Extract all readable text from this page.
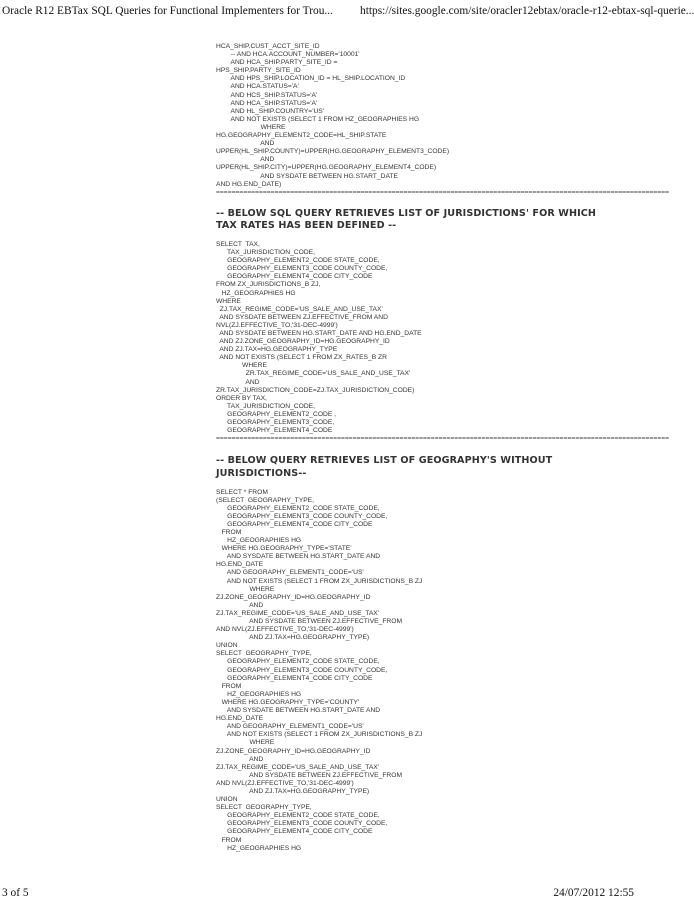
Oracle R12 EBTax SQL Queries for Functional Implementers for Trou... https://sites.google.com/site/oracler12ebtax/oracle-r12-ebtax-sql-querie...
HCA_SHIP.CUST_ACCT_SITE_ID
-- AND HCA.ACCOUNT_NUMBER='10001'
AND HCA_SHIP.PARTY_SITE_ID =
HPS_SHIP.PARTY_SITE_ID
AND HPS_SHIP.LOCATION_ID = HL_SHIP.LOCATION_ID
AND HCA.STATUS='A'
AND HCS_SHIP.STATUS='A'
AND HCA_SHIP.STATUS='A'
AND HL_SHIP.COUNTRY='US'
AND NOT EXISTS (SELECT 1 FROM HZ_GEOGRAPHIES HG
WHERE
HG.GEOGRAPHY_ELEMENT2_CODE=HL_SHIP.STATE
AND
UPPER(HL_SHIP.COUNTY)=UPPER(HG.GEOGRAPHY_ELEMENT3_CODE)
AND
UPPER(HL_SHIP.CITY)=UPPER(HG.GEOGRAPHY_ELEMENT4_CODE)
AND SYSDATE BETWEEN HG.START_DATE
AND HG.END_DATE)
====================================================================================================================
-- BELOW SQL QUERY RETRIEVES LIST OF JURISDICTIONS' FOR WHICH TAX RATES HAS BEEN DEFINED --
SELECT  TAX,
TAX_JURISDICTION_CODE,
GEOGRAPHY_ELEMENT2_CODE STATE_CODE,
GEOGRAPHY_ELEMENT3_CODE COUNTY_CODE,
GEOGRAPHY_ELEMENT4_CODE CITY_CODE
FROM ZX_JURISDICTIONS_B ZJ,
HZ_GEOGRAPHIES HG
WHERE
ZJ.TAX_REGIME_CODE='US_SALE_AND_USE_TAX'
AND SYSDATE BETWEEN ZJ.EFFECTIVE_FROM AND
NVL(ZJ.EFFECTIVE_TO,'31-DEC-4999')
AND SYSDATE BETWEEN HG.START_DATE AND HG.END_DATE
AND ZJ.ZONE_GEOGRAPHY_ID=HG.GEOGRAPHY_ID
AND ZJ.TAX=HG.GEOGRAPHY_TYPE
AND NOT EXISTS (SELECT 1 FROM ZX_RATES_B ZR
WHERE
ZR.TAX_REGIME_CODE='US_SALE_AND_USE_TAX'
AND
ZR.TAX_JURISDICTION_CODE=ZJ.TAX_JURISDICTION_CODE)
ORDER BY TAX,
TAX_JURISDICTION_CODE,
GEOGRAPHY_ELEMENT2_CODE ,
GEOGRAPHY_ELEMENT3_CODE,
GEOGRAPHY_ELEMENT4_CODE
====================================================================================================================
-- BELOW QUERY RETRIEVES LIST OF GEOGRAPHY'S WITHOUT JURISDICTIONS--
SELECT * FROM
(SELECT  GEOGRAPHY_TYPE,
GEOGRAPHY_ELEMENT2_CODE STATE_CODE,
GEOGRAPHY_ELEMENT3_CODE COUNTY_CODE,
GEOGRAPHY_ELEMENT4_CODE CITY_CODE
FROM
HZ_GEOGRAPHIES HG
WHERE HG.GEOGRAPHY_TYPE='STATE'
AND SYSDATE BETWEEN HG.START_DATE AND
HG.END_DATE
AND GEOGRAPHY_ELEMENT1_CODE='US'
AND NOT EXISTS (SELECT 1 FROM ZX_JURISDICTIONS_B ZJ
WHERE
ZJ.ZONE_GEOGRAPHY_ID=HG.GEOGRAPHY_ID
AND
ZJ.TAX_REGIME_CODE='US_SALE_AND_USE_TAX'
AND SYSDATE BETWEEN ZJ.EFFECTIVE_FROM
AND NVL(ZJ.EFFECTIVE_TO,'31-DEC-4999')
AND ZJ.TAX=HG.GEOGRAPHY_TYPE)
UNION
SELECT  GEOGRAPHY_TYPE,
GEOGRAPHY_ELEMENT2_CODE STATE_CODE,
GEOGRAPHY_ELEMENT3_CODE COUNTY_CODE,
GEOGRAPHY_ELEMENT4_CODE CITY_CODE
FROM
HZ_GEOGRAPHIES HG
WHERE HG.GEOGRAPHY_TYPE='COUNTY'
AND SYSDATE BETWEEN HG.START_DATE AND
HG.END_DATE
AND GEOGRAPHY_ELEMENT1_CODE='US'
AND NOT EXISTS (SELECT 1 FROM ZX_JURISDICTIONS_B ZJ
WHERE
ZJ.ZONE_GEOGRAPHY_ID=HG.GEOGRAPHY_ID
AND
ZJ.TAX_REGIME_CODE='US_SALE_AND_USE_TAX'
AND SYSDATE BETWEEN ZJ.EFFECTIVE_FROM
AND NVL(ZJ.EFFECTIVE_TO,'31-DEC-4999')
AND ZJ.TAX=HG.GEOGRAPHY_TYPE)
UNION
SELECT  GEOGRAPHY_TYPE,
GEOGRAPHY_ELEMENT2_CODE STATE_CODE,
GEOGRAPHY_ELEMENT3_CODE COUNTY_CODE,
GEOGRAPHY_ELEMENT4_CODE CITY_CODE
FROM
HZ_GEOGRAPHIES HG
3 of 5	24/07/2012 12:55
